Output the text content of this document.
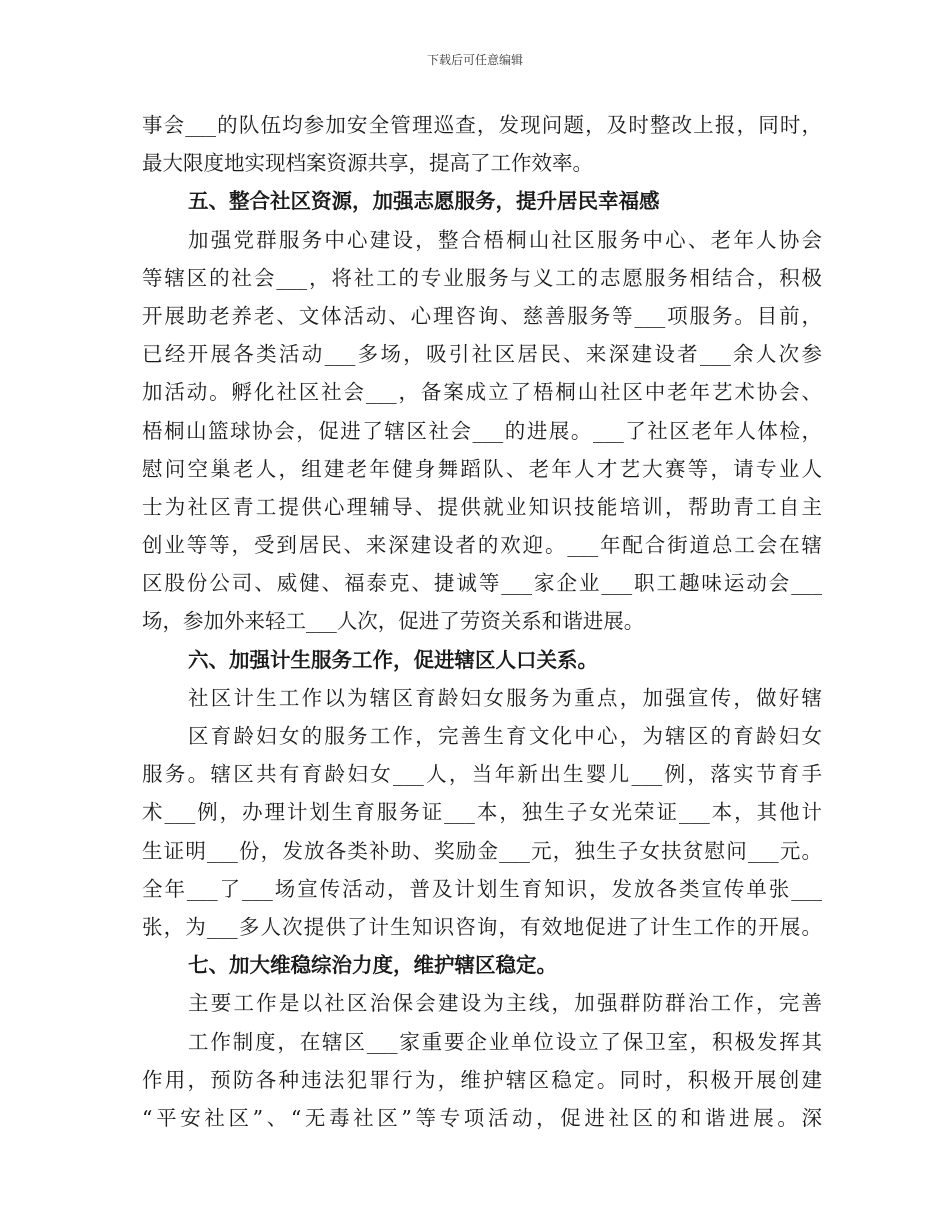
下载后可任意编辑
事会___的队伍均参加安全管理巡查，发现问题，及时整改上报，同时，
最大限度地实现档案资源共享，提高了工作效率。
五、整合社区资源，加强志愿服务，提升居民幸福感
加强党群服务中心建设，整合梧桐山社区服务中心、老年人协会
等辖区的社会___，将社工的专业服务与义工的志愿服务相结合，积极
开展助老养老、文体活动、心理咨询、慈善服务等___项服务。目前，
已经开展各类活动___多场，吸引社区居民、来深建设者___余人次参
加活动。孵化社区社会___，备案成立了梧桐山社区中老年艺术协会、
梧桐山篮球协会，促进了辖区社会___的进展。___了社区老年人体检，
慰问空巢老人，组建老年健身舞蹈队、老年人才艺大赛等，请专业人
士为社区青工提供心理辅导、提供就业知识技能培训，帮助青工自主
创业等等，受到居民、来深建设者的欢迎。___年配合街道总工会在辖
区股份公司、威健、福泰克、捷诚等___家企业___职工趣味运动会___
场，参加外来轻工___人次，促进了劳资关系和谐进展。
六、加强计生服务工作，促进辖区人口关系。
社区计生工作以为辖区育龄妇女服务为重点，加强宣传，做好辖
区育龄妇女的服务工作，完善生育文化中心，为辖区的育龄妇女
服务。辖区共有育龄妇女___人，当年新出生婴儿___例，落实节育手
术___例，办理计划生育服务证___本，独生子女光荣证___本，其他计
生证明___份，发放各类补助、奖励金___元，独生子女扶贫慰问___元。
全年___了___场宣传活动，普及计划生育知识，发放各类宣传单张___
张，为___多人次提供了计生知识咨询，有效地促进了计生工作的开展。
七、加大维稳综治力度，维护辖区稳定。
主要工作是以社区治保会建设为主线，加强群防群治工作，完善
工作制度，在辖区___家重要企业单位设立了保卫室，积极发挥其
作用，预防各种违法犯罪行为，维护辖区稳定。同时，积极开展创建
“平安社区”、“无毒社区”等专项活动，促进社区的和谐进展。深
